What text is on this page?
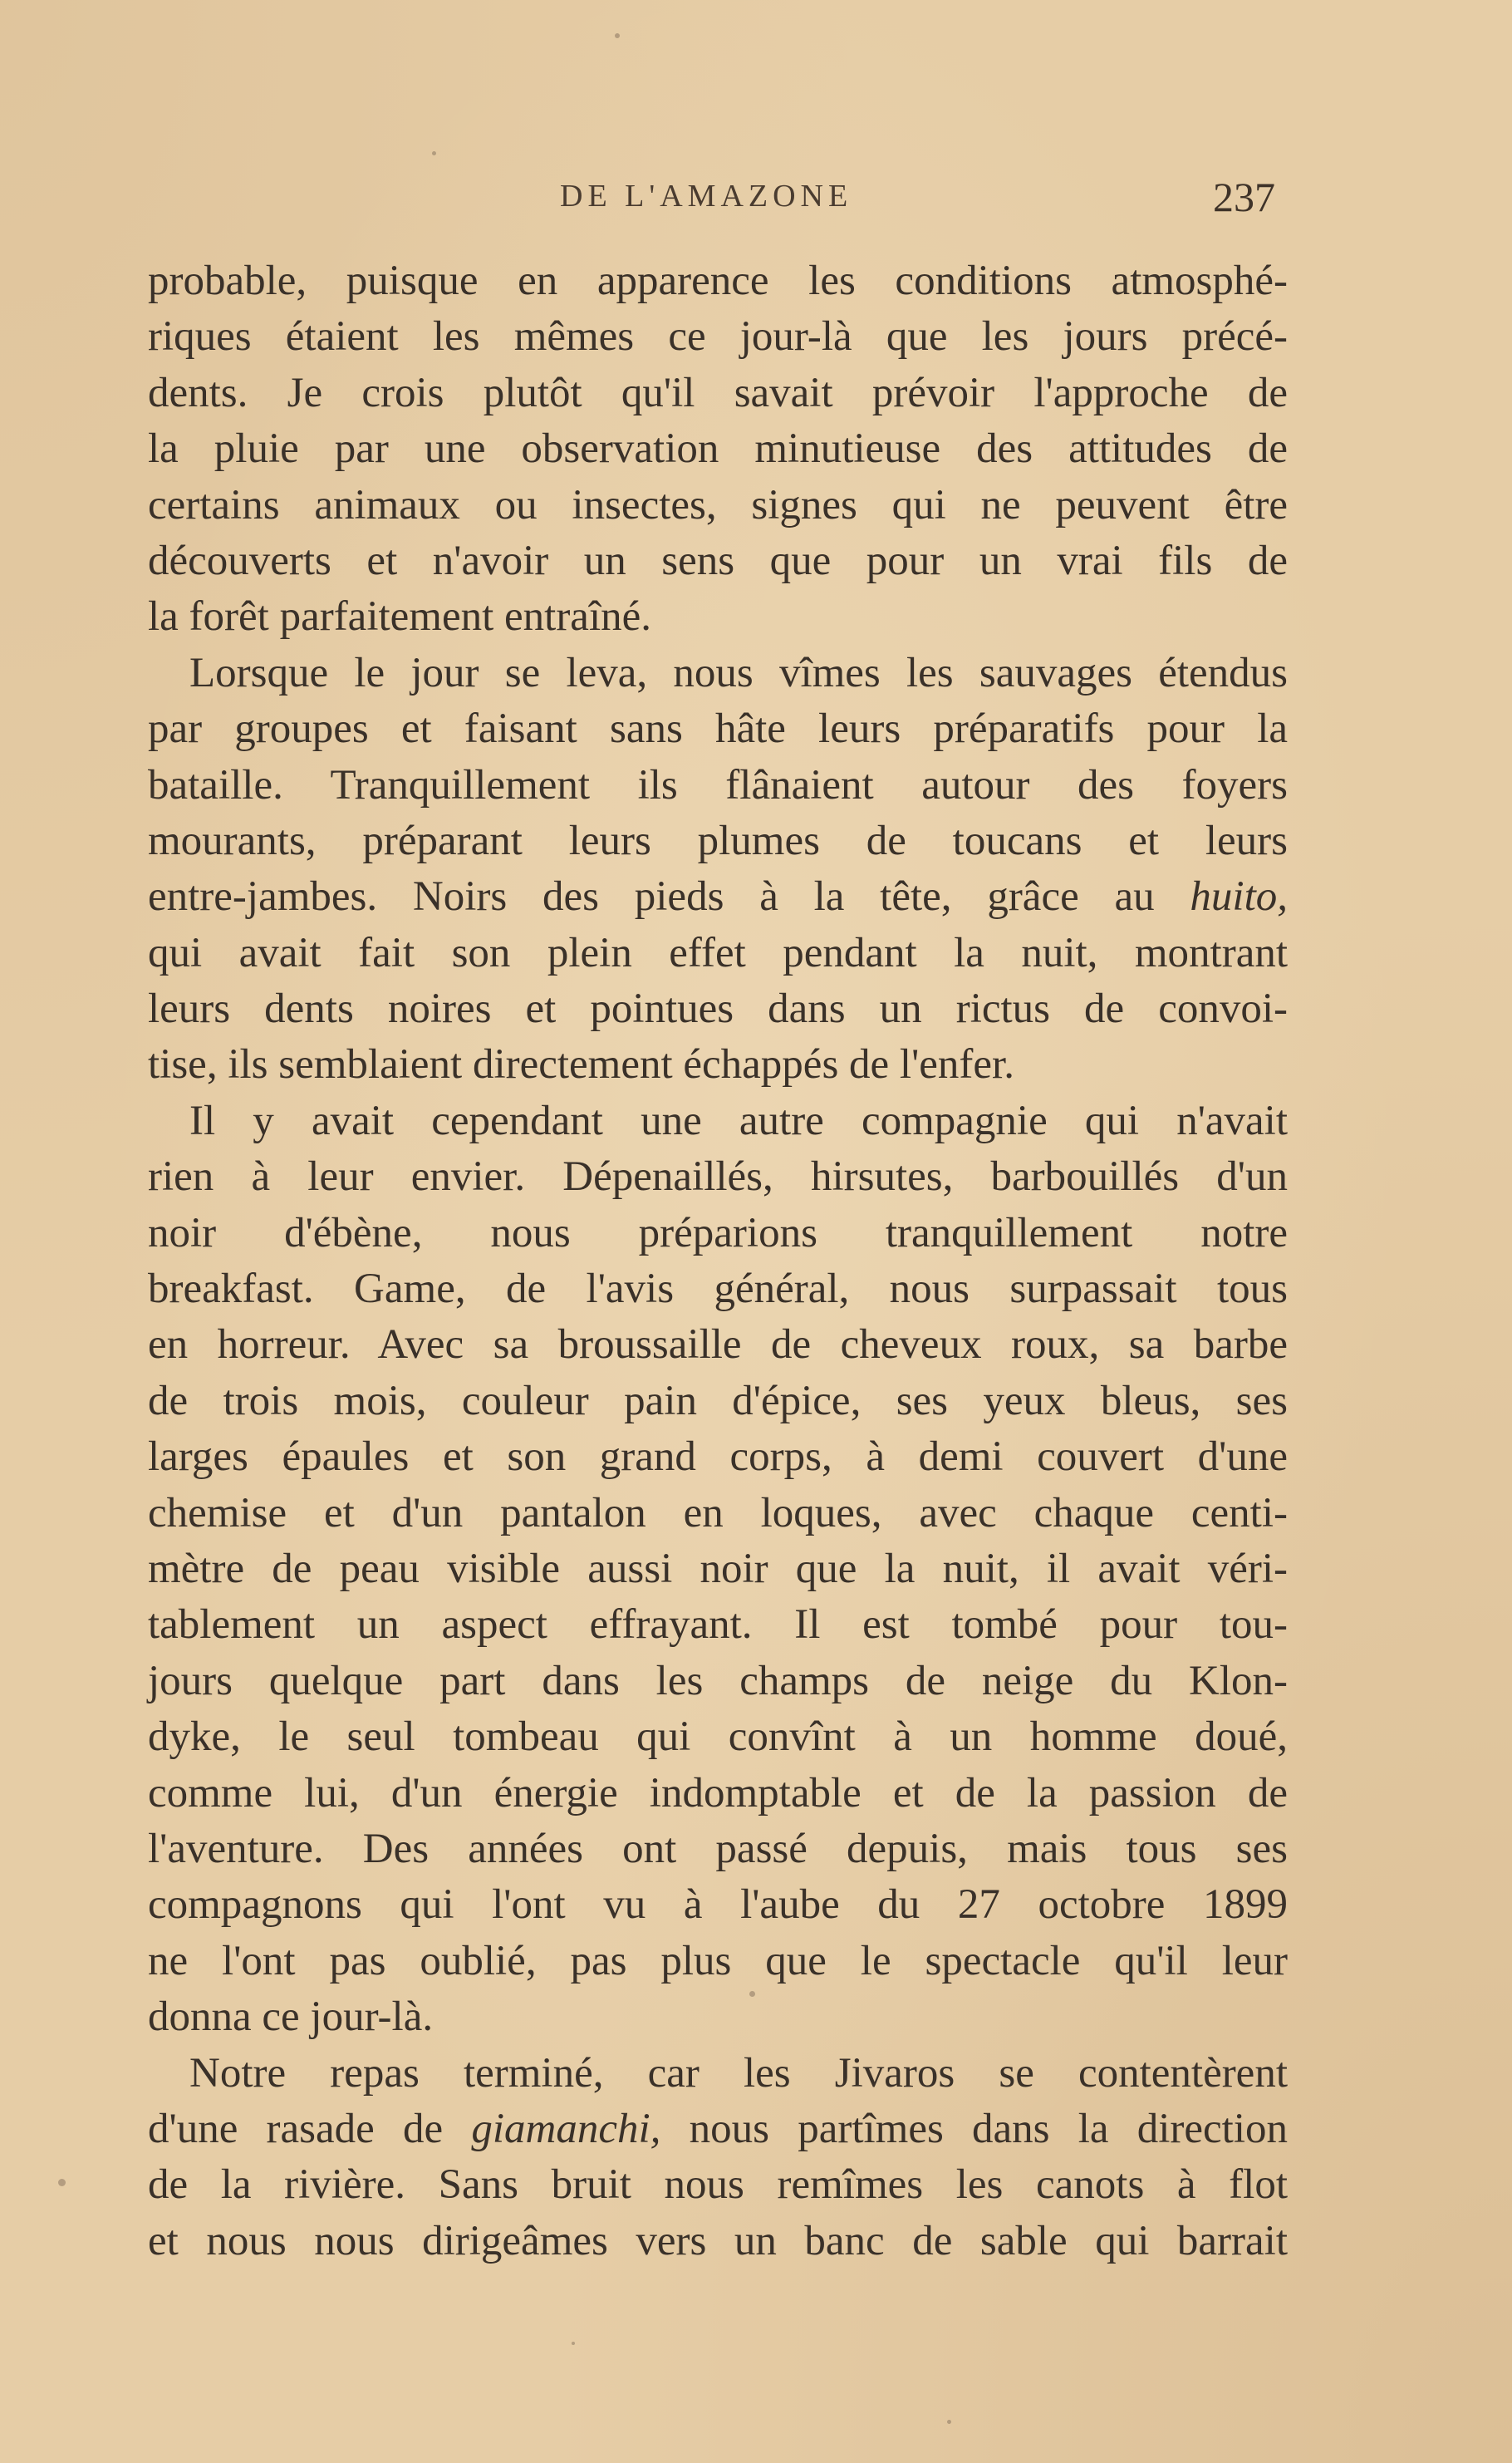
DE L'AMAZONE	237
probable, puisque en apparence les conditions atmosphé-
riques étaient les mêmes ce jour-là que les jours précé-
dents. Je crois plutôt qu'il savait prévoir l'approche de
la pluie par une observation minutieuse des attitudes de
certains animaux ou insectes, signes qui ne peuvent être
découverts et n'avoir un sens que pour un vrai fils de
la forêt parfaitement entraîné.
Lorsque le jour se leva, nous vîmes les sauvages étendus
par groupes et faisant sans hâte leurs préparatifs pour la
bataille. Tranquillement ils flânaient autour des foyers
mourants, préparant leurs plumes de toucans et leurs
entre-jambes. Noirs des pieds à la tête, grâce au huito,
qui avait fait son plein effet pendant la nuit, montrant
leurs dents noires et pointues dans un rictus de convoi-
tise, ils semblaient directement échappés de l'enfer.
Il y avait cependant une autre compagnie qui n'avait
rien à leur envier. Dépenaillés, hirsutes, barbouillés d'un
noir d'ébène, nous préparions tranquillement notre
breakfast. Game, de l'avis général, nous surpassait tous
en horreur. Avec sa broussaille de cheveux roux, sa barbe
de trois mois, couleur pain d'épice, ses yeux bleus, ses
larges épaules et son grand corps, à demi couvert d'une
chemise et d'un pantalon en loques, avec chaque centi-
mètre de peau visible aussi noir que la nuit, il avait véri-
tablement un aspect effrayant. Il est tombé pour tou-
jours quelque part dans les champs de neige du Klon-
dyke, le seul tombeau qui convînt à un homme doué,
comme lui, d'un énergie indomptable et de la passion de
l'aventure. Des années ont passé depuis, mais tous ses
compagnons qui l'ont vu à l'aube du 27 octobre 1899
ne l'ont pas oublié, pas plus que le spectacle qu'il leur
donna ce jour-là.
Notre repas terminé, car les Jivaros se contentèrent
d'une rasade de giamanchi, nous partîmes dans la direction
de la rivière. Sans bruit nous remîmes les canots à flot
et nous nous dirigeâmes vers un banc de sable qui barrait
